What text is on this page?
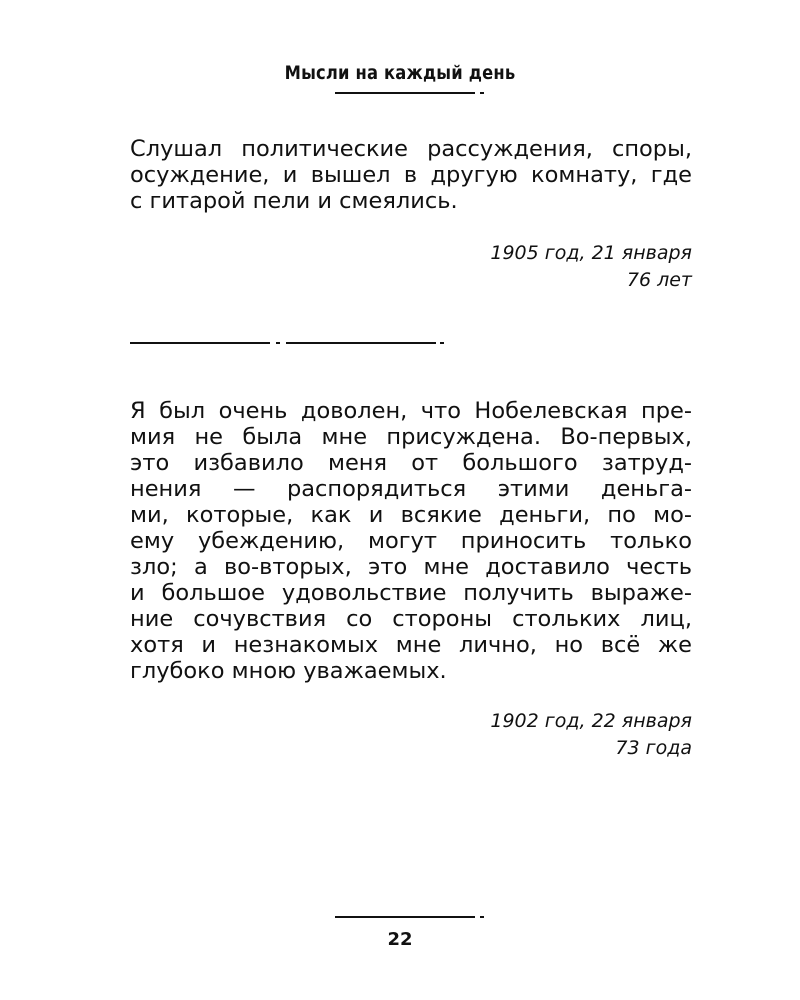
Мысли на каждый день
Слушал политические рассуждения, споры,
осуждение, и вышел в другую комнату, где
с гитарой пели и смеялись.
1905 год, 21 января
76 лет
Я был очень доволен, что Нобелевская пре-
мия не была мне присуждена. Во-первых,
это избавило меня от большого затруд-
нения — распорядиться этими деньга-
ми, которые, как и всякие деньги, по мо-
ему убеждению, могут приносить только
зло; а во-вторых, это мне доставило честь
и большое удовольствие получить выраже-
ние сочувствия со стороны стольких лиц,
хотя и незнакомых мне лично, но всё же
глубоко мною уважаемых.
1902 год, 22 января
73 года
22
